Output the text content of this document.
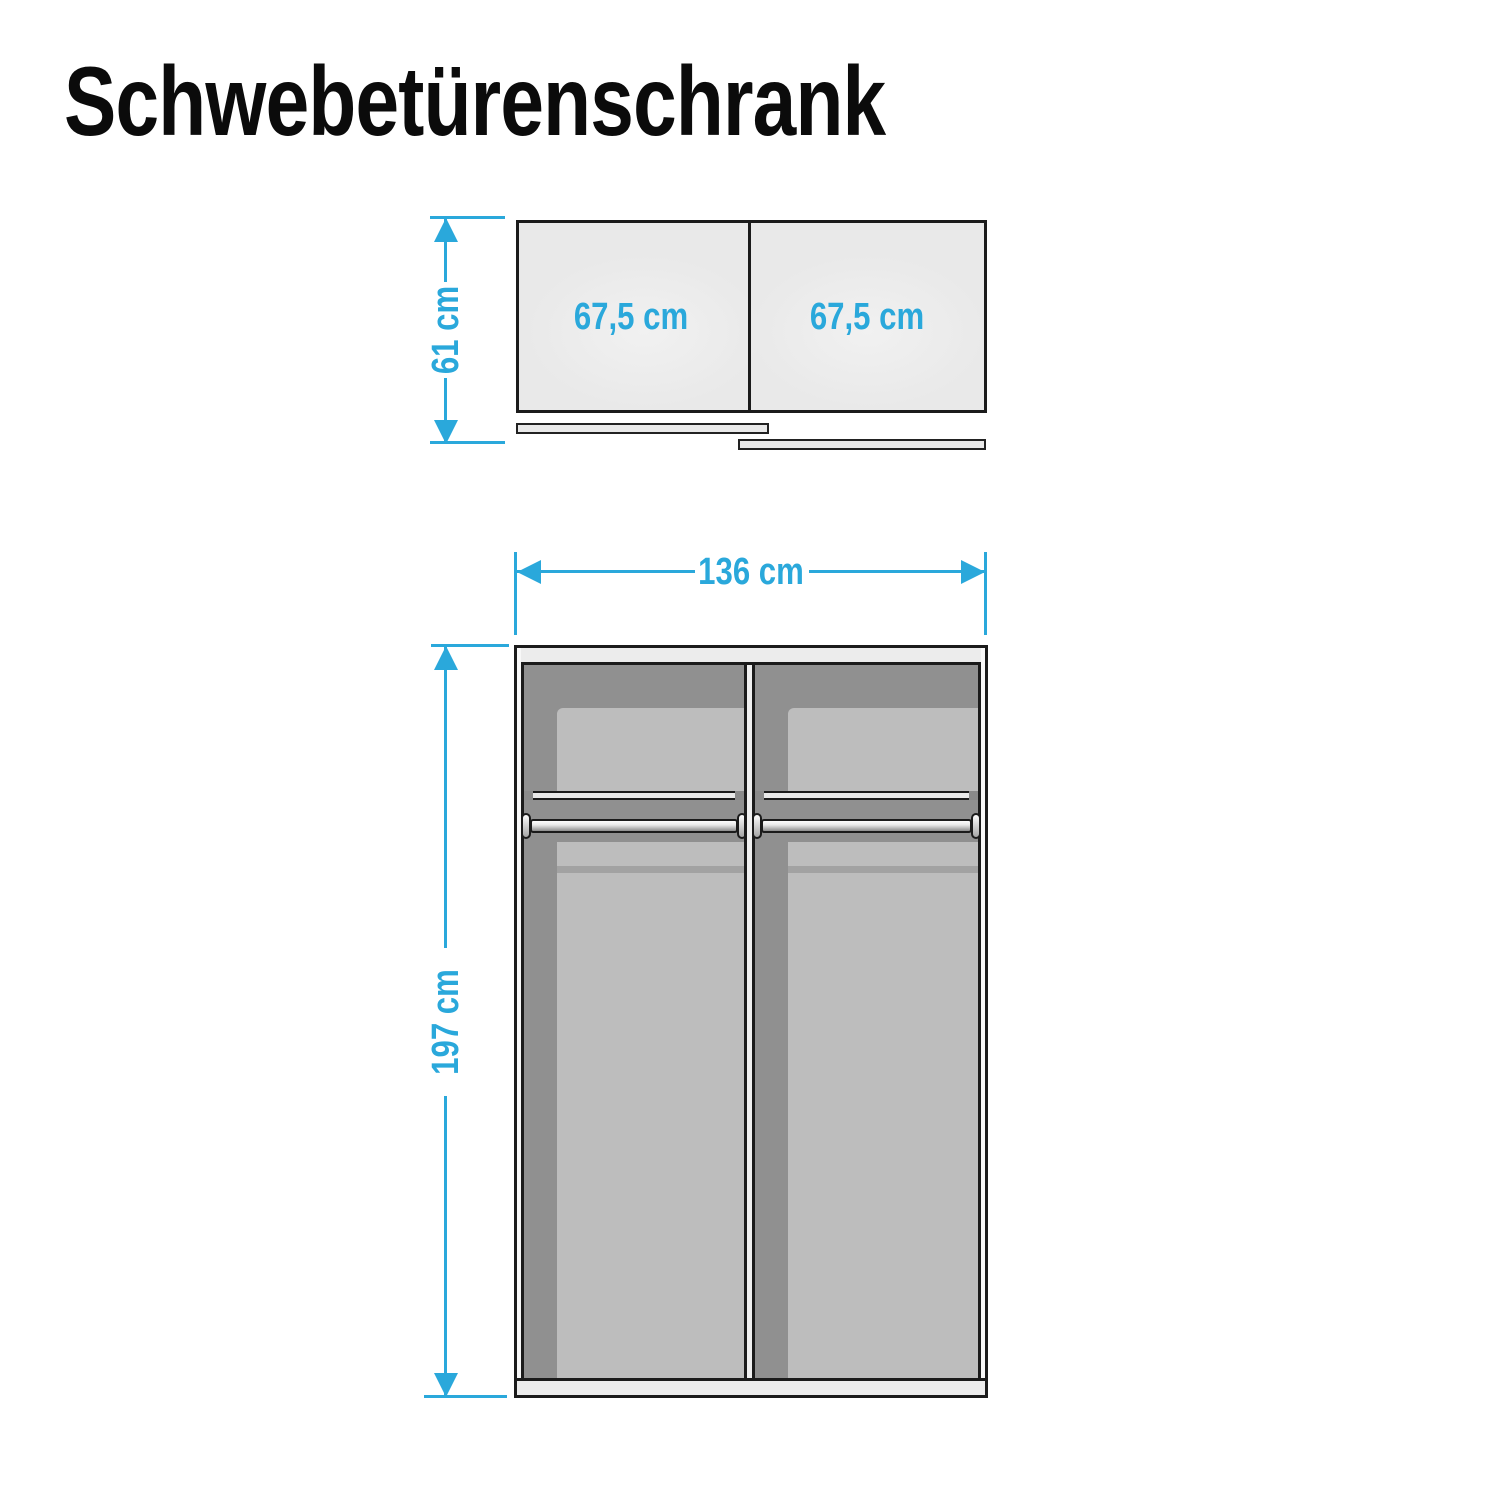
Schwebetürenschrank
67,5 cm	67,5 cm
61 cm
136 cm
197 cm
